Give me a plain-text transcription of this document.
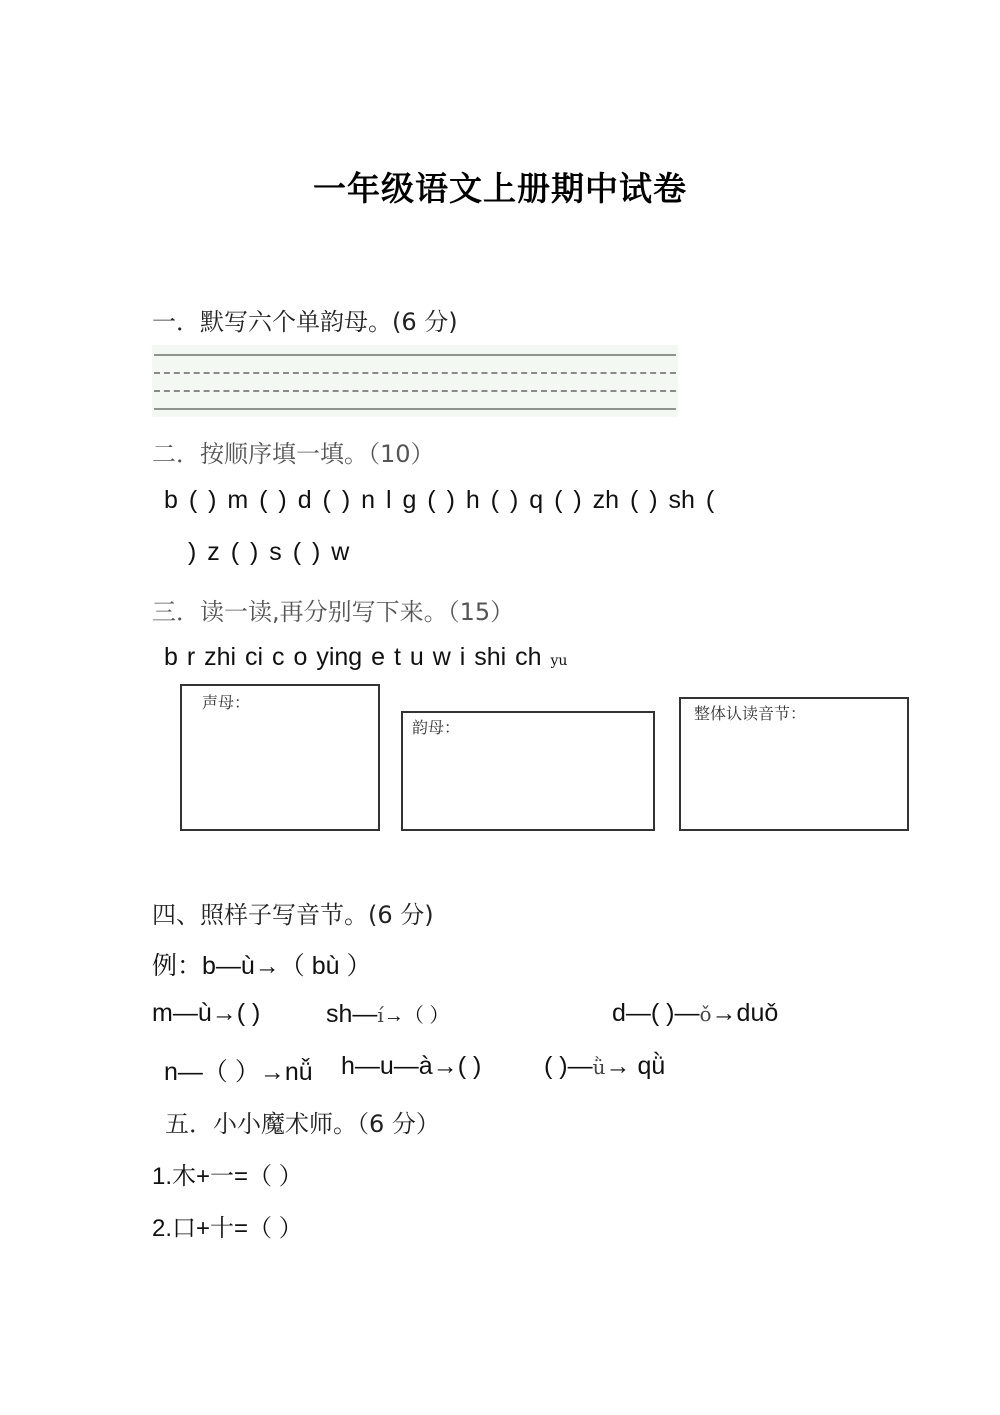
一年级语文上册期中试卷
一．默写六个单韵母。(6 分)
二．按顺序填一填。（10）
b ( ) m ( ) d ( ) n l g ( ) h ( ) q ( ) zh ( ) sh (
) z ( ) s ( ) w
三．读一读,再分别写下来。（15）
b r zhi ci c o ying e t u w i shi ch yu
声母：
韵母：
整体认读音节：
四、照样子写音节。(6 分)
例：b—ù→（ bù ）
m—ù→( )	sh—í→（ ）	d—( )—ǒ→duǒ
n—（ ）→nǚ h—u—à→( )	( )—ǜ→ qǜ
五．小小魔术师。（6 分）
1.木+一=（ ）
2.口+十=（ ）
